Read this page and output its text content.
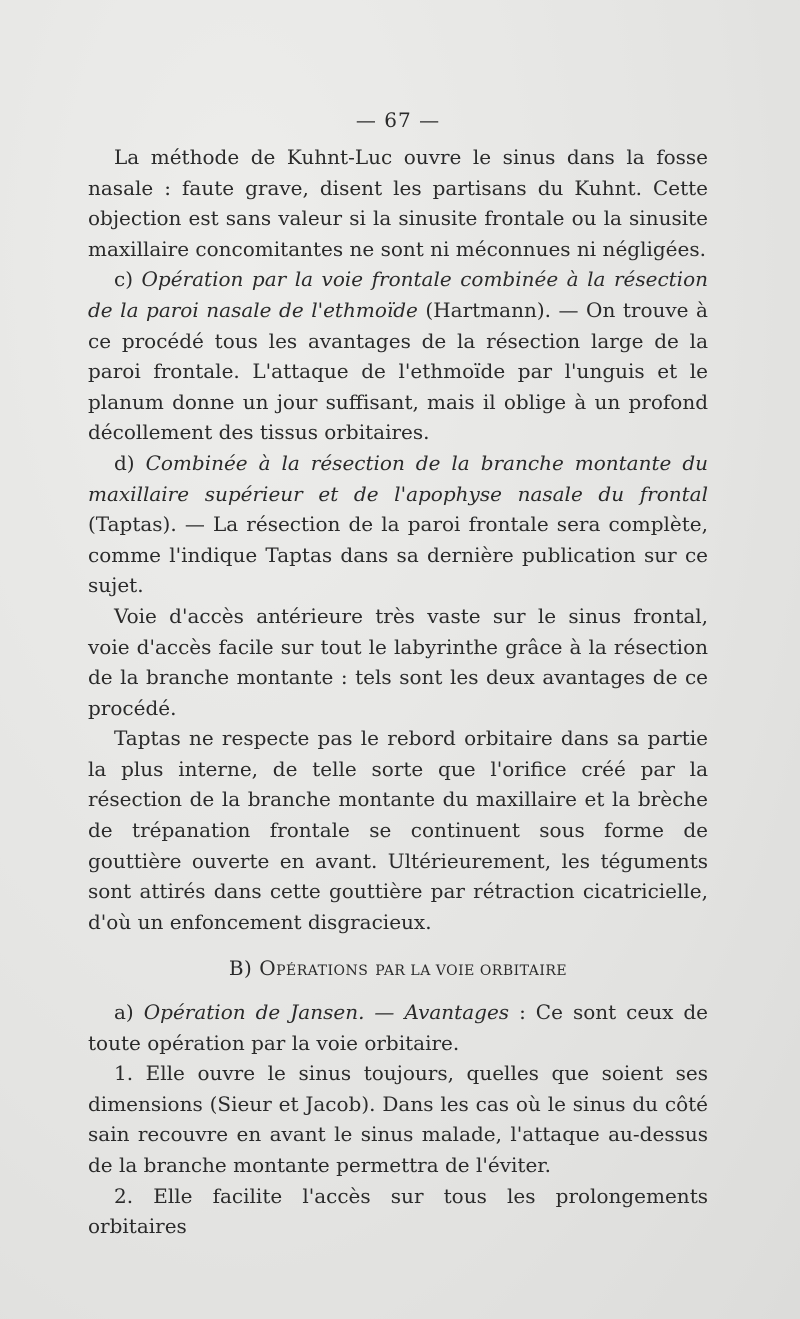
— 67 —

La méthode de Kuhnt-Luc ouvre le sinus dans la fosse nasale : faute grave, disent les partisans du Kuhnt. Cette objection est sans valeur si la sinusite frontale ou la sinusite maxillaire concomitantes ne sont ni méconnues ni négligées.

c) Opération par la voie frontale combinée à la résection de la paroi nasale de l'ethmoïde (Hartmann). — On trouve à ce procédé tous les avantages de la résection large de la paroi frontale. L'attaque de l'ethmoïde par l'unguis et le planum donne un jour suffisant, mais il oblige à un profond décollement des tissus orbitaires.

d) Combinée à la résection de la branche montante du maxillaire supérieur et de l'apophyse nasale du frontal (Taptas). — La résection de la paroi frontale sera complète, comme l'indique Taptas dans sa dernière publication sur ce sujet.

Voie d'accès antérieure très vaste sur le sinus frontal, voie d'accès facile sur tout le labyrinthe grâce à la résection de la branche montante : tels sont les deux avantages de ce procédé.

Taptas ne respecte pas le rebord orbitaire dans sa partie la plus interne, de telle sorte que l'orifice créé par la résection de la branche montante du maxillaire et la brèche de trépanation frontale se continuent sous forme de gouttière ouverte en avant. Ultérieurement, les téguments sont attirés dans cette gouttière par rétraction cicatricielle, d'où un enfoncement disgracieux.

B) OPÉRATIONS PAR LA VOIE ORBITAIRE

a) Opération de Jansen. — Avantages : Ce sont ceux de toute opération par la voie orbitaire.

1. Elle ouvre le sinus toujours, quelles que soient ses dimensions (Sieur et Jacob). Dans les cas où le sinus du côté sain recouvre en avant le sinus malade, l'attaque au-dessus de la branche montante permettra de l'éviter.

2. Elle facilite l'accès sur tous les prolongements orbitaires
